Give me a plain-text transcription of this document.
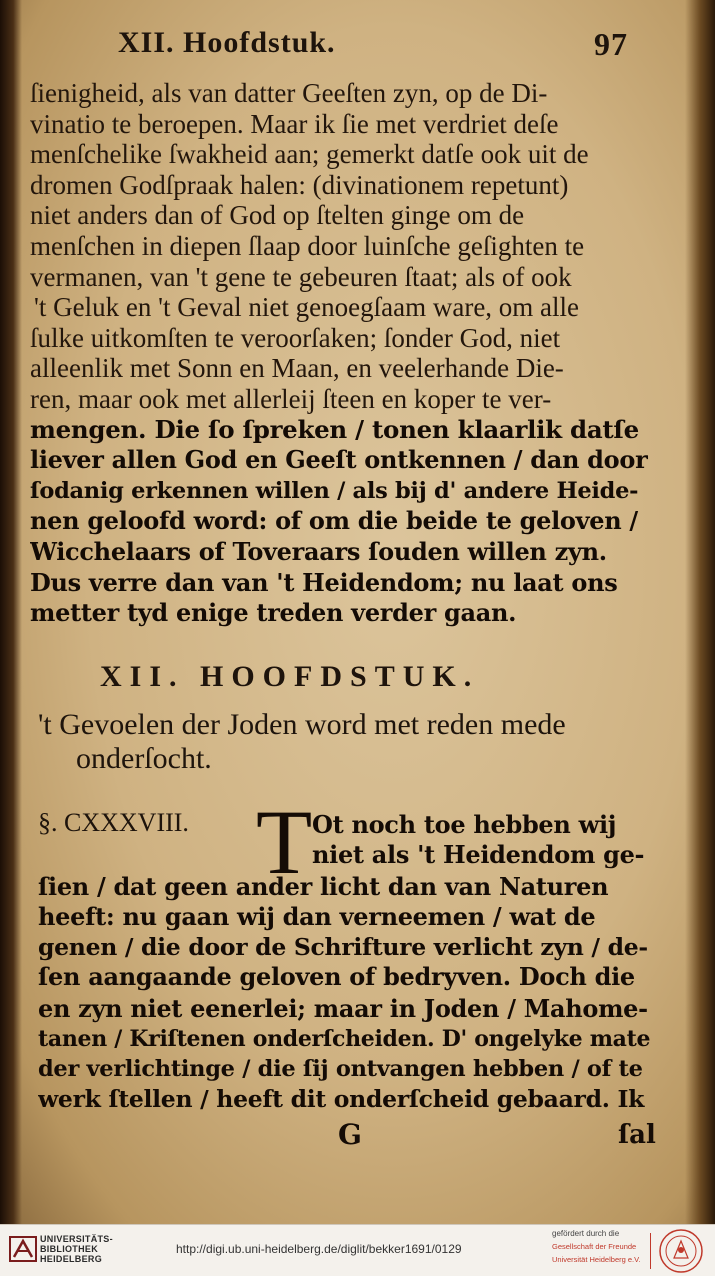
XII. Hoofdstuk.	97
ſienigheid, als van datter Geeſten zyn, op de Di-
vinatio te beroepen. Maar ik ſie met verdriet deſe
menſchelike ſwakheid aan; gemerkt datſe ook uit de
dromen Godſpraak halen: (divinationem repetunt)
niet anders dan of God op ſtelten ginge om de
menſchen in diepen ſlaap door luinſche geſighten te
vermanen, van 't gene te gebeuren ſtaat; als of ook
't Geluk en 't Geval niet genoegſaam ware, om alle
ſulke uitkomſten te veroorſaken; ſonder God, niet
alleenlik met Sonn en Maan, en veelerhande Die-
ren, maar ook met allerleij ſteen en koper te ver-
mengen. Die ſo ſpreken / tonen klaarlik datſe
liever allen God en Geeſt ontkennen / dan door
ſodanig erkennen willen / als bij d' andere Heide-
nen geloofd word: of om die beide te geloven /
Wicchelaars of Toveraars ſouden willen zyn.
Dus verre dan van 't Heidendom; nu laat ons
metter tyd enige treden verder gaan.
XII. HOOFDSTUK.
't Gevoelen der Joden word met reden mede
onderſocht.
§. CXXXVIII. T Ot noch toe hebben wij
niet als 't Heidendom ge-
ſien / dat geen ander licht dan van Naturen
heeft: nu gaan wij dan verneemen / wat de
genen / die door de Schrifture verlicht zyn / de-
ſen aangaande geloven of bedryven. Doch die
en zyn niet eenerlei; maar in Joden / Mahome-
tanen / Kriſtenen onderſcheiden. D' ongelyke mate
der verlichtinge / die ſij ontvangen hebben / of te
werk ſtellen / heeft dit onderſcheid gebaard. Ik
G	ſal
UNIVERSITÄTS-
BIBLIOTHEK
HEIDELBERG
http://digi.ub.uni-heidelberg.de/diglit/bekker1691/0129
gefördert durch die
Gesellschaft der Freunde
Universität Heidelberg e.V.
